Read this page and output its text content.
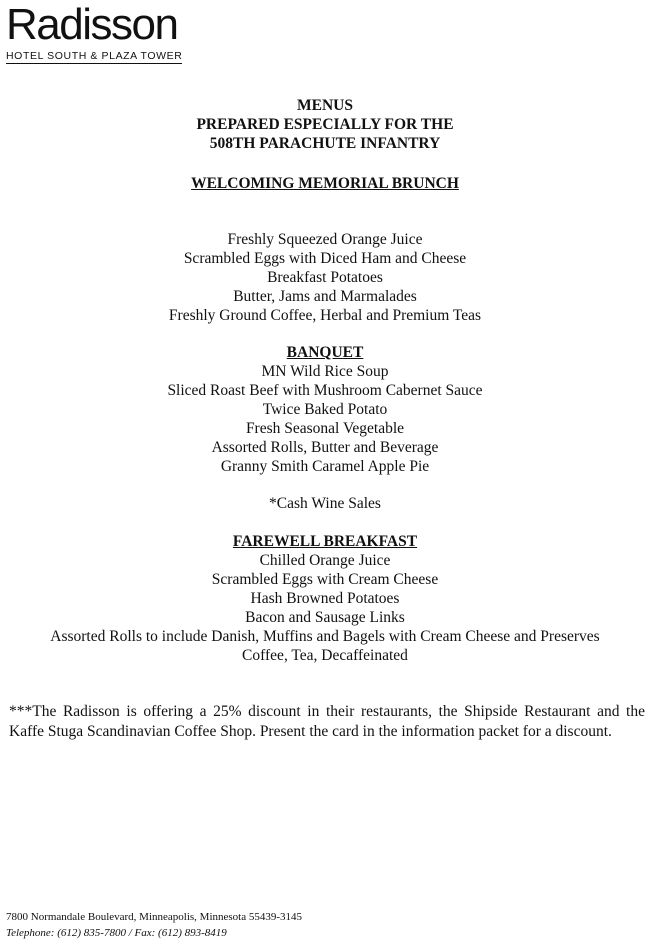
Radisson
HOTEL SOUTH & PLAZA TOWER
MENUS
PREPARED ESPECIALLY FOR THE
508TH PARACHUTE INFANTRY
WELCOMING MEMORIAL BRUNCH
Freshly Squeezed Orange Juice
Scrambled Eggs with Diced Ham and Cheese
Breakfast Potatoes
Butter, Jams and Marmalades
Freshly Ground Coffee, Herbal and Premium Teas
BANQUET
MN Wild Rice Soup
Sliced Roast Beef with Mushroom Cabernet Sauce
Twice Baked Potato
Fresh Seasonal Vegetable
Assorted Rolls, Butter and Beverage
Granny Smith Caramel Apple Pie
*Cash Wine Sales
FAREWELL BREAKFAST
Chilled Orange Juice
Scrambled Eggs with Cream Cheese
Hash Browned Potatoes
Bacon and Sausage Links
Assorted Rolls to include Danish, Muffins and Bagels with Cream Cheese and Preserves
Coffee, Tea, Decaffeinated
***The Radisson is offering a 25% discount in their restaurants, the Shipside Restaurant and the Kaffe Stuga Scandinavian Coffee Shop. Present the card in the information packet for a discount.
7800 Normandale Boulevard, Minneapolis, Minnesota 55439-3145
Telephone: (612) 835-7800 / Fax: (612) 893-8419
